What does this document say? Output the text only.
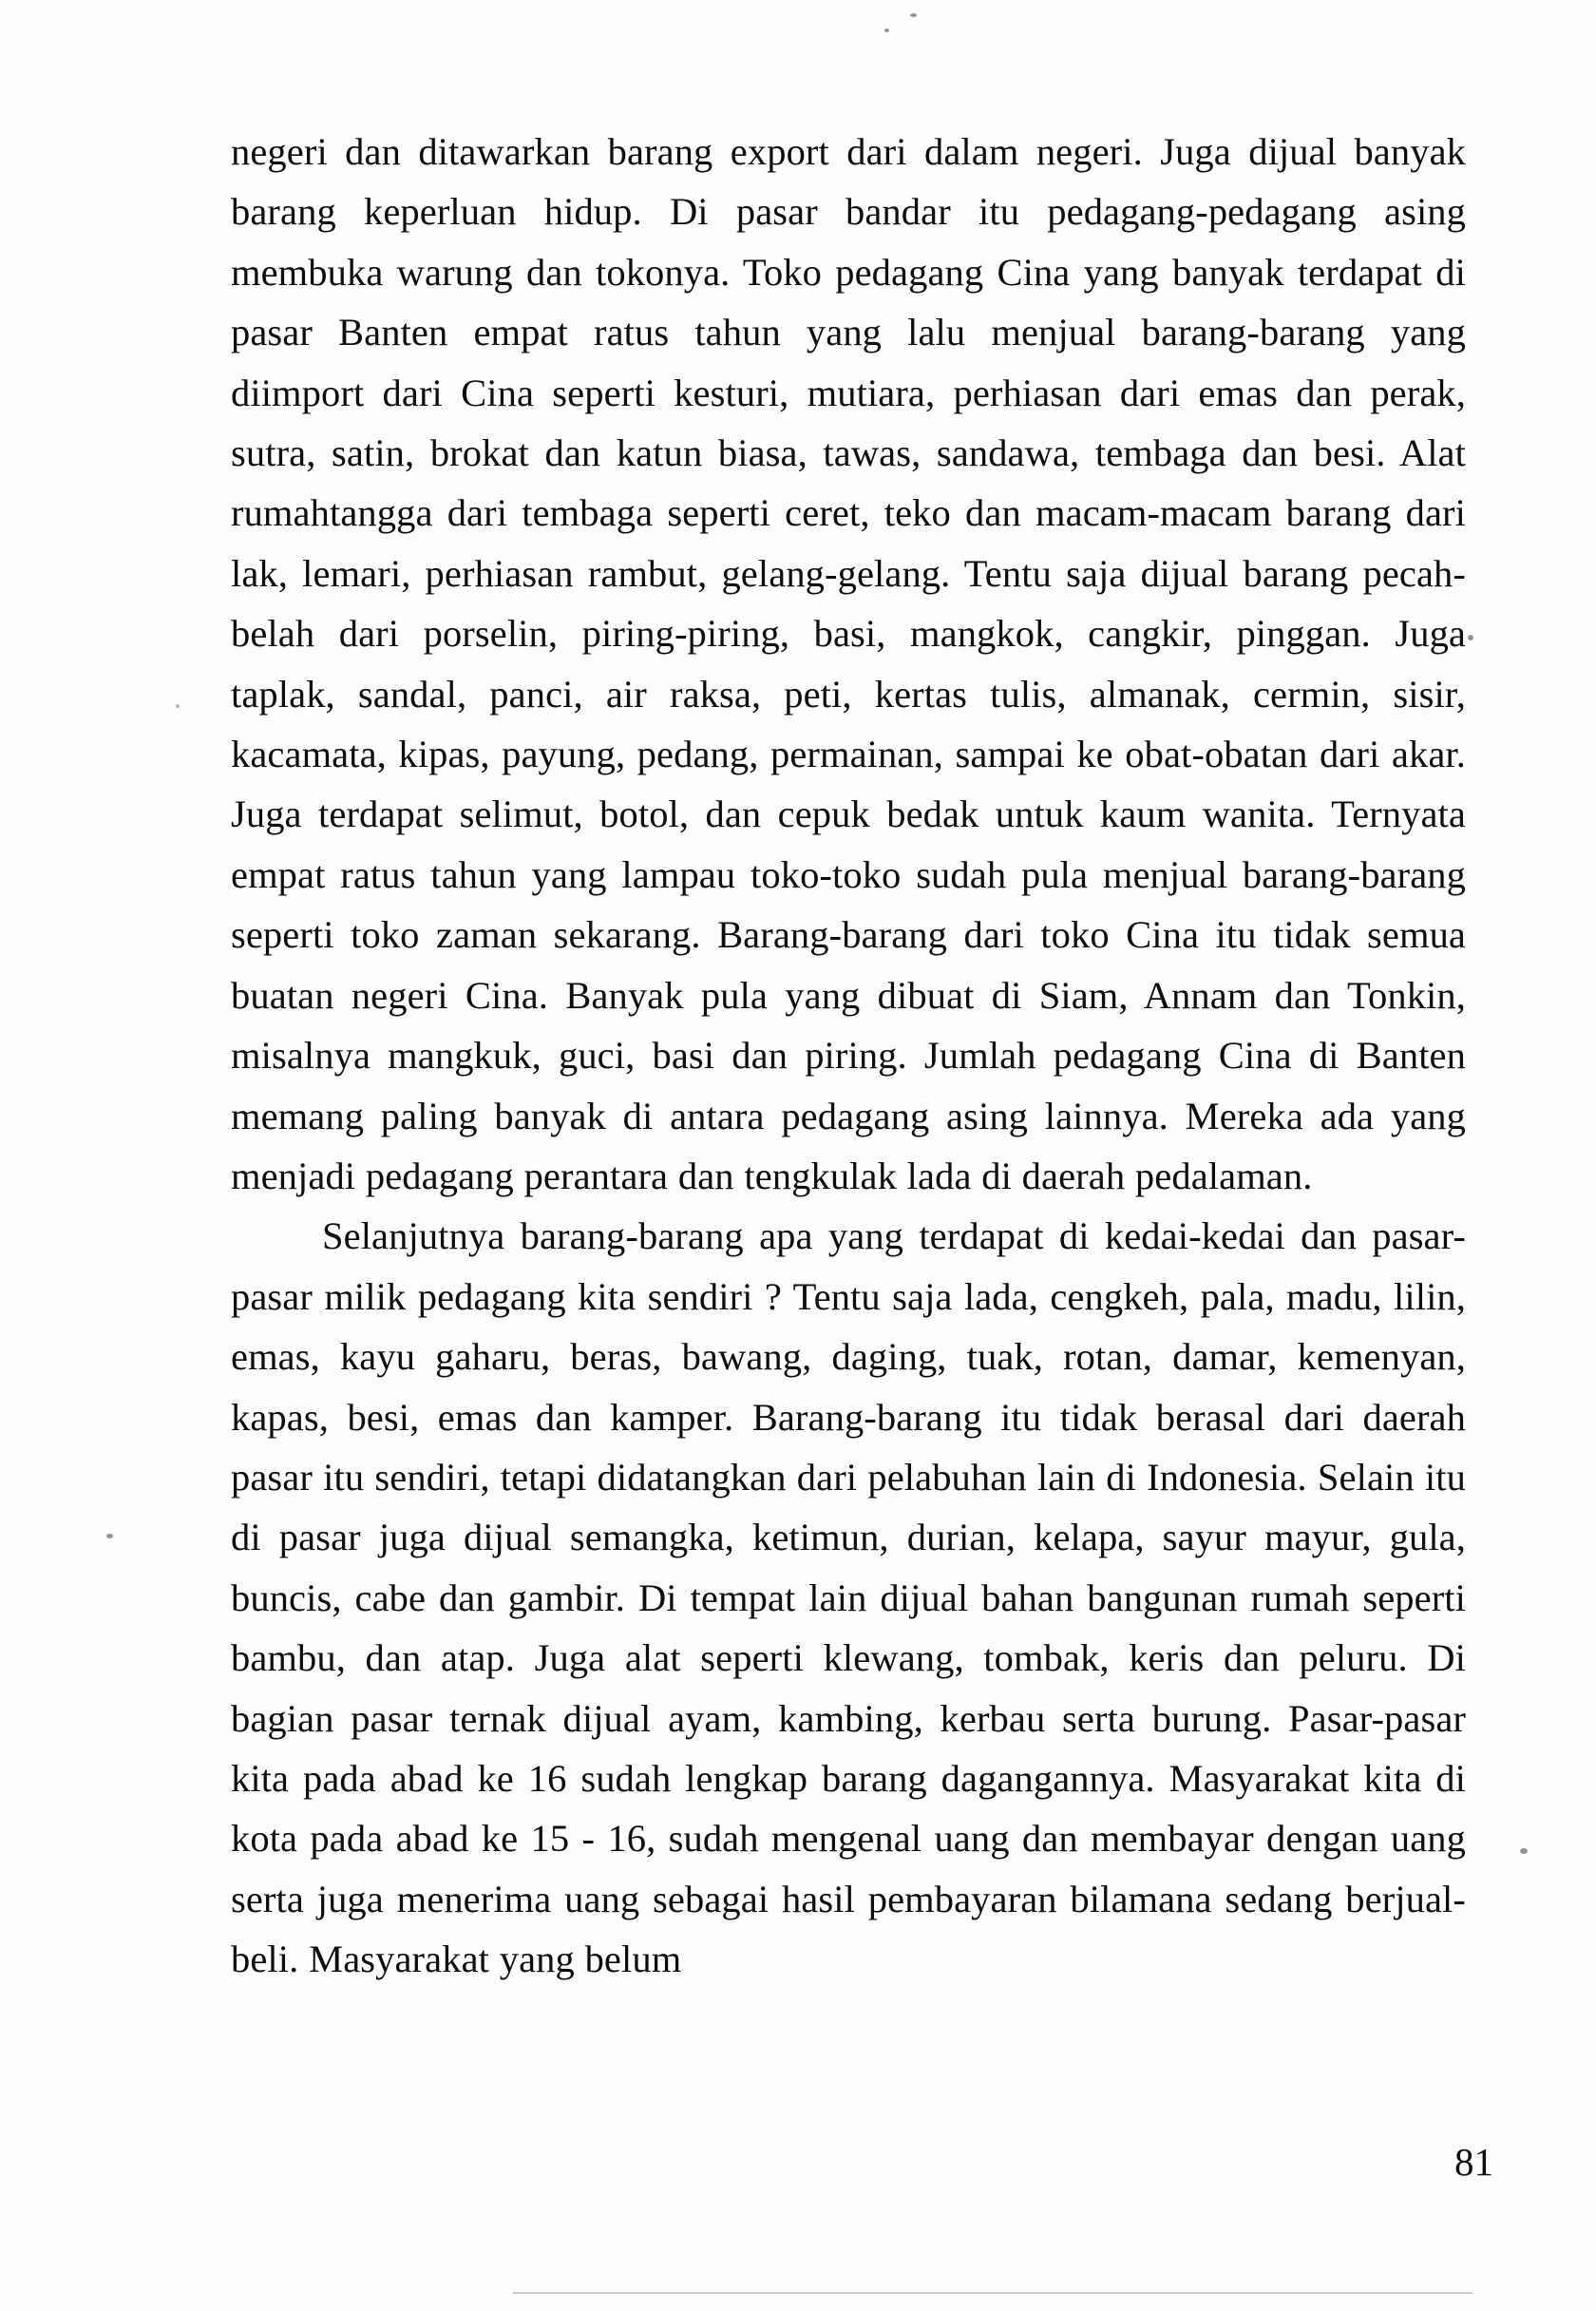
negeri dan ditawarkan barang export dari dalam negeri. Juga dijual banyak barang keperluan hidup. Di pasar bandar itu pedagang-pedagang asing membuka warung dan tokonya. Toko pedagang Cina yang banyak terdapat di pasar Banten empat ratus tahun yang lalu menjual barang-barang yang diimport dari Cina seperti kesturi, mutiara, perhiasan dari emas dan perak, sutra, satin, brokat dan katun biasa, tawas, sandawa, tembaga dan besi. Alat rumahtangga dari tembaga seperti ceret, teko dan macam-macam barang dari lak, lemari, perhiasan rambut, gelang-gelang. Tentu saja dijual barang pecah-belah dari porselin, piring-piring, basi, mangkok, cangkir, pinggan. Juga taplak, sandal, panci, air raksa, peti, kertas tulis, almanak, cermin, sisir, kacamata, kipas, payung, pedang, permainan, sampai ke obat-obatan dari akar. Juga terdapat selimut, botol, dan cepuk bedak untuk kaum wanita. Ternyata empat ratus tahun yang lampau toko-toko sudah pula menjual barang-barang seperti toko zaman sekarang. Barang-barang dari toko Cina itu tidak semua buatan negeri Cina. Banyak pula yang dibuat di Siam, Annam dan Tonkin, misalnya mangkuk, guci, basi dan piring. Jumlah pedagang Cina di Banten memang paling banyak di antara pedagang asing lainnya. Mereka ada yang menjadi pedagang perantara dan tengkulak lada di daerah pedalaman.

Selanjutnya barang-barang apa yang terdapat di kedai-kedai dan pasar-pasar milik pedagang kita sendiri ? Tentu saja lada, cengkeh, pala, madu, lilin, emas, kayu gaharu, beras, bawang, daging, tuak, rotan, damar, kemenyan, kapas, besi, emas dan kamper. Barang-barang itu tidak berasal dari daerah pasar itu sendiri, tetapi didatangkan dari pelabuhan lain di Indonesia. Selain itu di pasar juga dijual semangka, ketimun, durian, kelapa, sayur mayur, gula, buncis, cabe dan gambir. Di tempat lain dijual bahan bangunan rumah seperti bambu, dan atap. Juga alat seperti klewang, tombak, keris dan peluru. Di bagian pasar ternak dijual ayam, kambing, kerbau serta burung. Pasar-pasar kita pada abad ke 16 sudah lengkap barang dagangannya. Masyarakat kita di kota pada abad ke 15 - 16, sudah mengenal uang dan membayar dengan uang serta juga menerima uang sebagai hasil pembayaran bilamana sedang berjual-beli. Masyarakat yang belum

81
